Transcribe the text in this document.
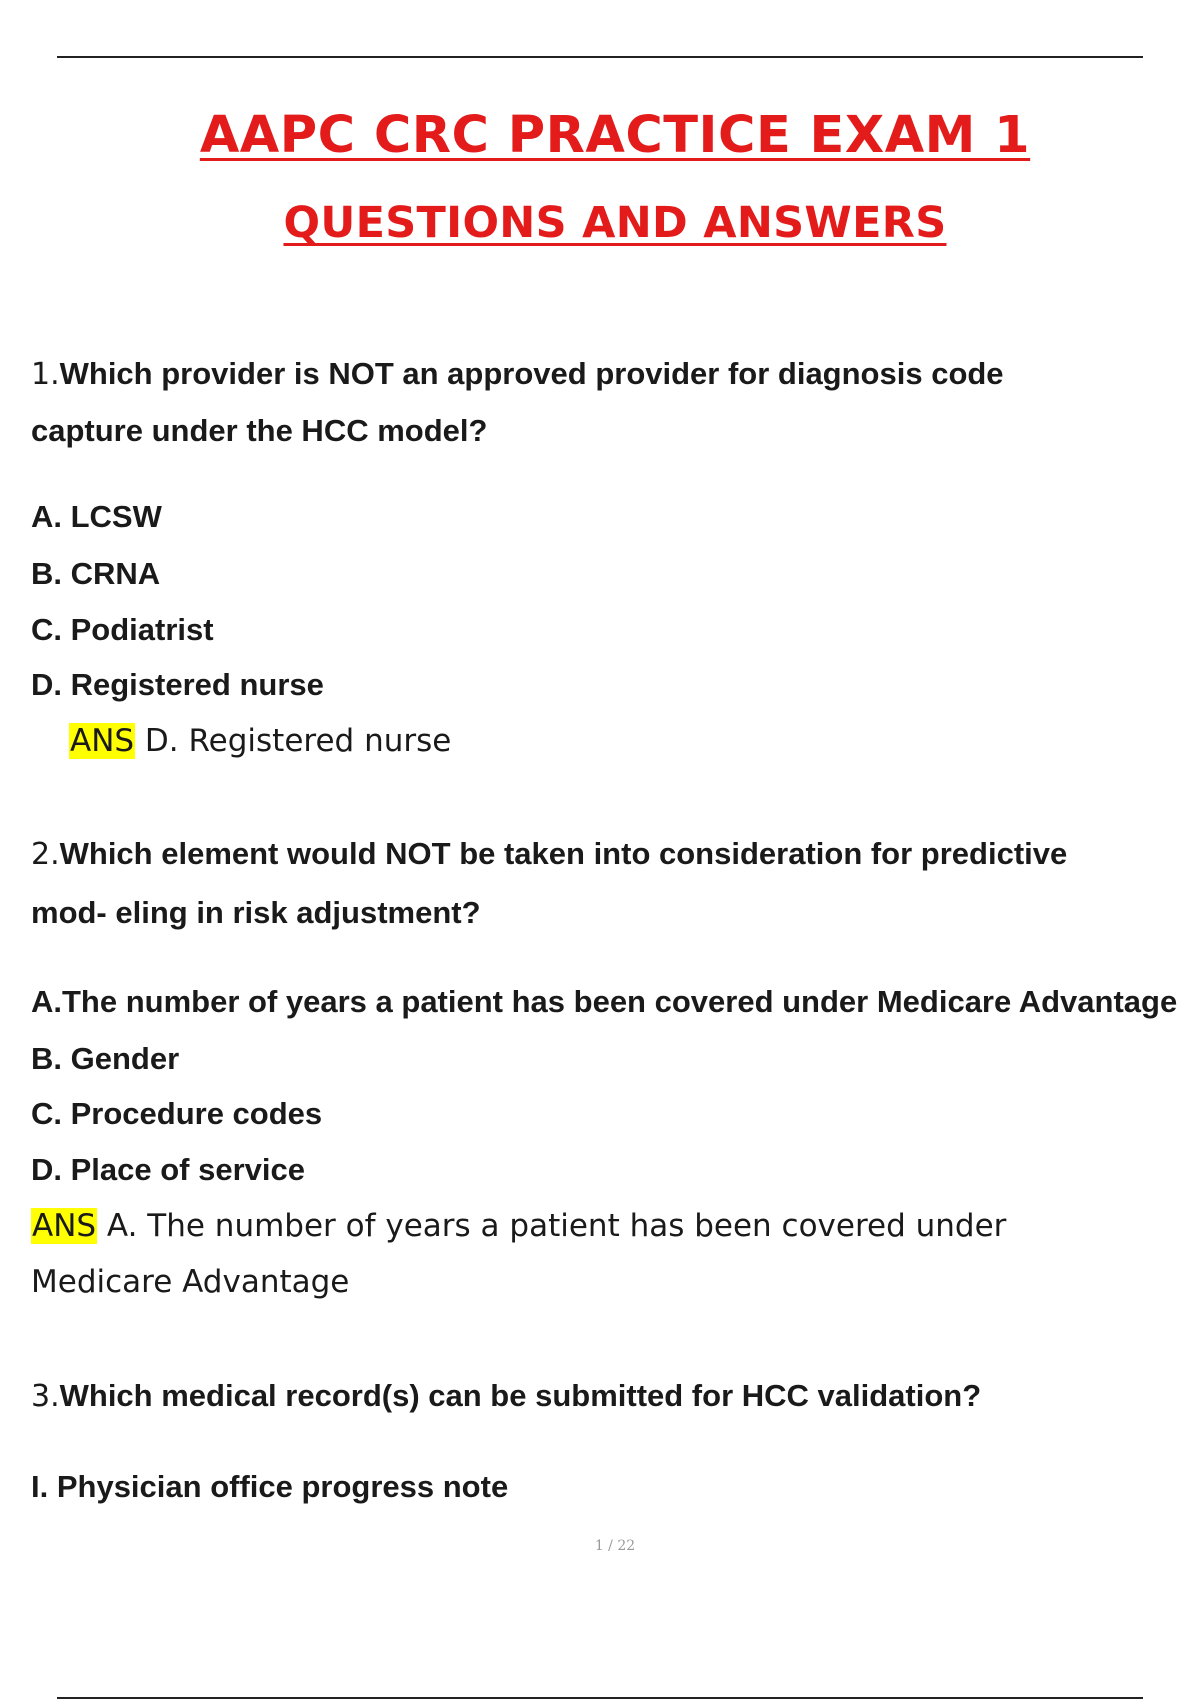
AAPC CRC PRACTICE EXAM 1
QUESTIONS AND ANSWERS
1.Which provider is NOT an approved provider for diagnosis code
capture under the HCC model?
A. LCSW
B. CRNA
C. Podiatrist
D. Registered nurse
ANS D. Registered nurse
2.Which element would NOT be taken into consideration for predictive
mod- eling in risk adjustment?
A.The number of years a patient has been covered under Medicare Advantage
B. Gender
C. Procedure codes
D. Place of service
ANS A. The number of years a patient has been covered under
Medicare Advantage
3.Which medical record(s) can be submitted for HCC validation?
I. Physician office progress note
1 / 22
